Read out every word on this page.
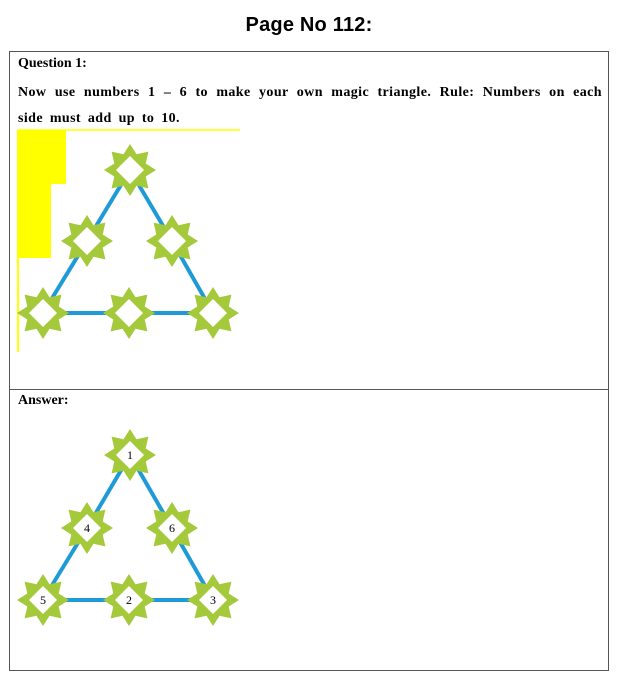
Page No 112:
Question 1:
Now use numbers 1 – 6 to make your own magic triangle. Rule: Numbers on each side must add up to 10.
Answer:
1
4	6
5	2	3
